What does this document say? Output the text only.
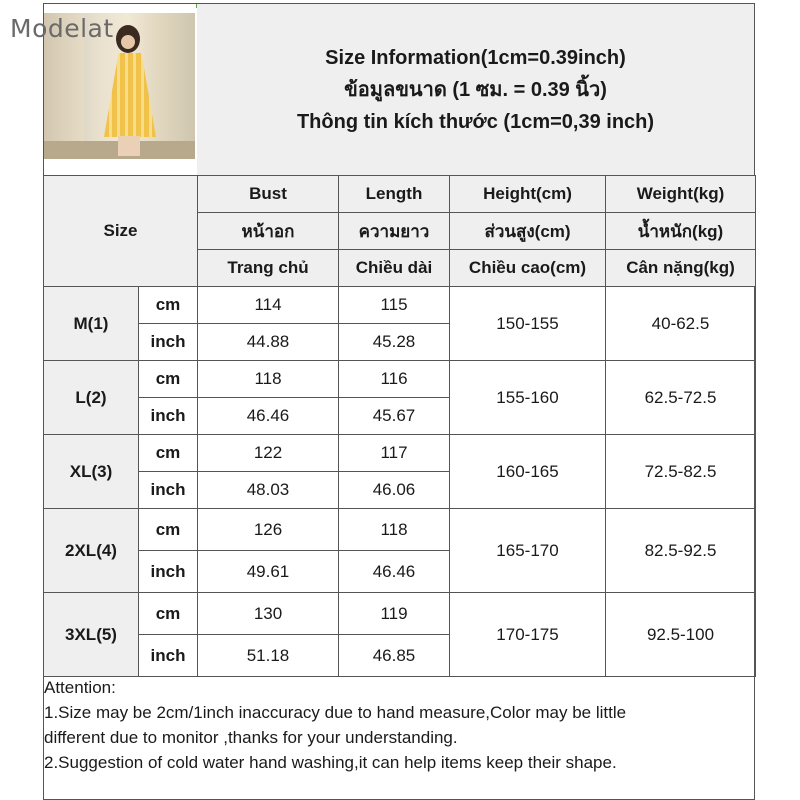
Modelat
Size Information(1cm=0.39inch)
ข้อมูลขนาด (1 ซม. = 0.39 นิ้ว)
Thông tin kích thước (1cm=0,39 inch)
Size		Bust	Length	Height(cm)	Weight(kg)
		หน้าอก	ความยาว	ส่วนสูง(cm)	น้ำหนัก(kg)
		Trang chủ	Chiều dài	Chiều cao(cm)	Cân nặng(kg)
M(1)	cm	114	115	150-155	40-62.5
	inch	44.88	45.28		
L(2)	cm	118	116	155-160	62.5-72.5
	inch	46.46	45.67		
XL(3)	cm	122	117	160-165	72.5-82.5
	inch	48.03	46.06		
2XL(4)	cm	126	118	165-170	82.5-92.5
	inch	49.61	46.46		
3XL(5)	cm	130	119	170-175	92.5-100
	inch	51.18	46.85		
Attention:
1.Size may be 2cm/1inch inaccuracy due to hand measure,Color may be little
different due to monitor ,thanks for your understanding.
2.Suggestion of cold water hand washing,it can help items keep their shape.
